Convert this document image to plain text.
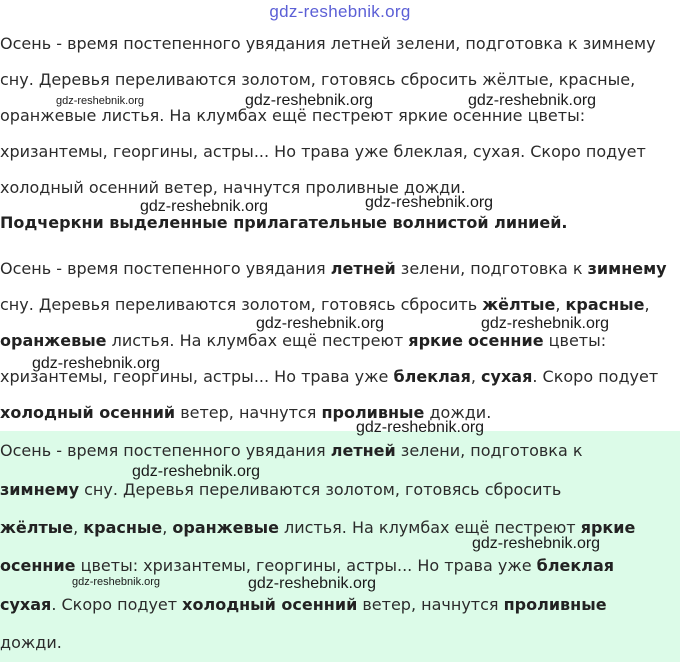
gdz-reshebnik.org
Осень - время постепенного увядания летней зелени, подготовка к зимнему
сну. Деревья переливаются золотом, готовясь сбросить жёлтые, красные,
оранжевые листья. На клумбах ещё пестреют яркие осенние цветы:
хризантемы, георгины, астры... Но трава уже блеклая, сухая. Скоро подует
холодный осенний ветер, начнутся проливные дожди.
Подчеркни выделенные прилагательные волнистой линией.
Осень - время постепенного увядания летней зелени, подготовка к зимнему
сну. Деревья переливаются золотом, готовясь сбросить жёлтые, красные,
оранжевые листья. На клумбах ещё пестреют яркие осенние цветы:
хризантемы, георгины, астры... Но трава уже блеклая, сухая. Скоро подует
холодный осенний ветер, начнутся проливные дожди.
Осень - время постепенного увядания летней зелени, подготовка к
зимнему сну. Деревья переливаются золотом, готовясь сбросить
жёлтые, красные, оранжевые листья. На клумбах ещё пестреют яркие
осенние цветы: хризантемы, георгины, астры... Но трава уже блеклая
сухая. Скоро подует холодный осенний ветер, начнутся проливные
дожди.
gdz-reshebnik.org	gdz-reshebnik.org	gdz-reshebnik.org
gdz-reshebnik.org	gdz-reshebnik.org
gdz-reshebnik.org	gdz-reshebnik.org
gdz-reshebnik.org
gdz-reshebnik.org
gdz-reshebnik.org
gdz-reshebnik.org
gdz-reshebnik.org	gdz-reshebnik.org
